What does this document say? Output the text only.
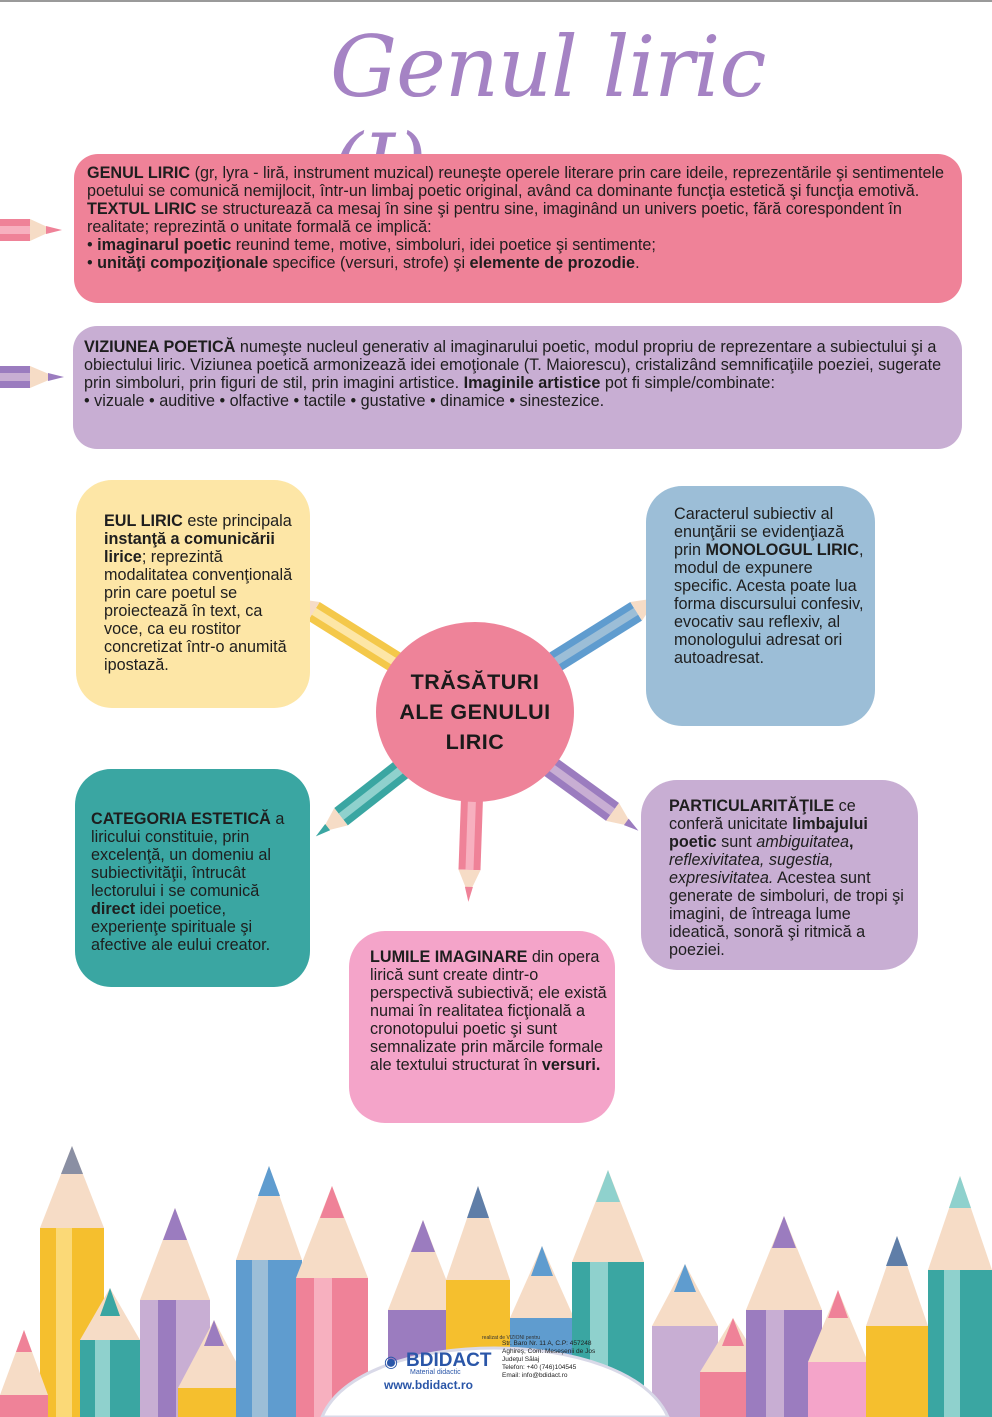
Genul liric

GENUL LIRIC (gr, lyra - liră, instrument muzical) reuneşte operele literare prin care ideile, reprezentările şi sentimentele poetului se comunică nemijlocit, într-un limbaj poetic original, având ca dominante funcţia estetică şi funcţia emotivă.

TEXTUL LIRIC se structurează ca mesaj în sine şi pentru sine, imaginând un univers poetic, fără corespondent în realitate; reprezintă o unitate formală ce implică:

• imaginarul poetic reunind teme, motive, simboluri, idei poetice şi sentimente;

• unităţi compoziţionale specifice (versuri, strofe) şi elemente de prozodie.

VIZIUNEA POETICĂ numeşte nucleul generativ al imaginarului poetic, modul propriu de reprezentare a subiectului şi a obiectului liric. Viziunea poetică armonizează idei emoţionale (T. Maiorescu), cristalizând semnificaţiile poeziei, sugerate prin simboluri, prin figuri de stil, prin imagini artistice. Imaginile artistice pot fi simple/combinate:

• vizuale • auditive • olfactive • tactile • gustative • dinamice • sinestezice.

EUL LIRIC este principala instanţă a comunicării lirice; reprezintă modalitatea convenţională prin care poetul se proiectează în text, ca voce, ca eu rostitor concretizat într-o anumită ipostază.

Caracterul subiectiv al enunţării se evidenţiază prin MONOLOGUL LIRIC, modul de expunere specific. Acesta poate lua forma discursului confesiv, evocativ sau reflexiv, al monologului adresat ori autoadresat.

TRĂSĂTURI
ALE GENULUI
LIRIC

CATEGORIA ESTETICĂ a liricului constituie, prin excelenţă, un domeniu al subiectivităţii, întrucât lectorului i se comunică direct idei poetice, experienţe spirituale şi afective ale eului creator.

PARTICULARITĂŢILE ce conferă unicitate limbajului poetic sunt ambiguitatea, reflexivitatea, sugestia, expresivitatea. Acestea sunt generate de simboluri, de tropi şi imagini, de întreaga lume ideatică, sonoră şi ritmică a poeziei.

LUMILE IMAGINARE din opera lirică sunt create dintr-o perspectivă subiectivă; ele există numai în realitatea ficţională a cronotopului poetic şi sunt semnalizate prin mărcile formale ale textului structurat în versuri.

◉ BDIDACT
Material didactic
www.bdidact.ro
realizat de VIZIONI pentru
Str. Baro Nr. 11 A, C.P: 457248
Aghireş, Com: Meseşenii de Jos
Judeţul Sălaj
Telefon: +40 (746)104545
Email: info@bdidact.ro
